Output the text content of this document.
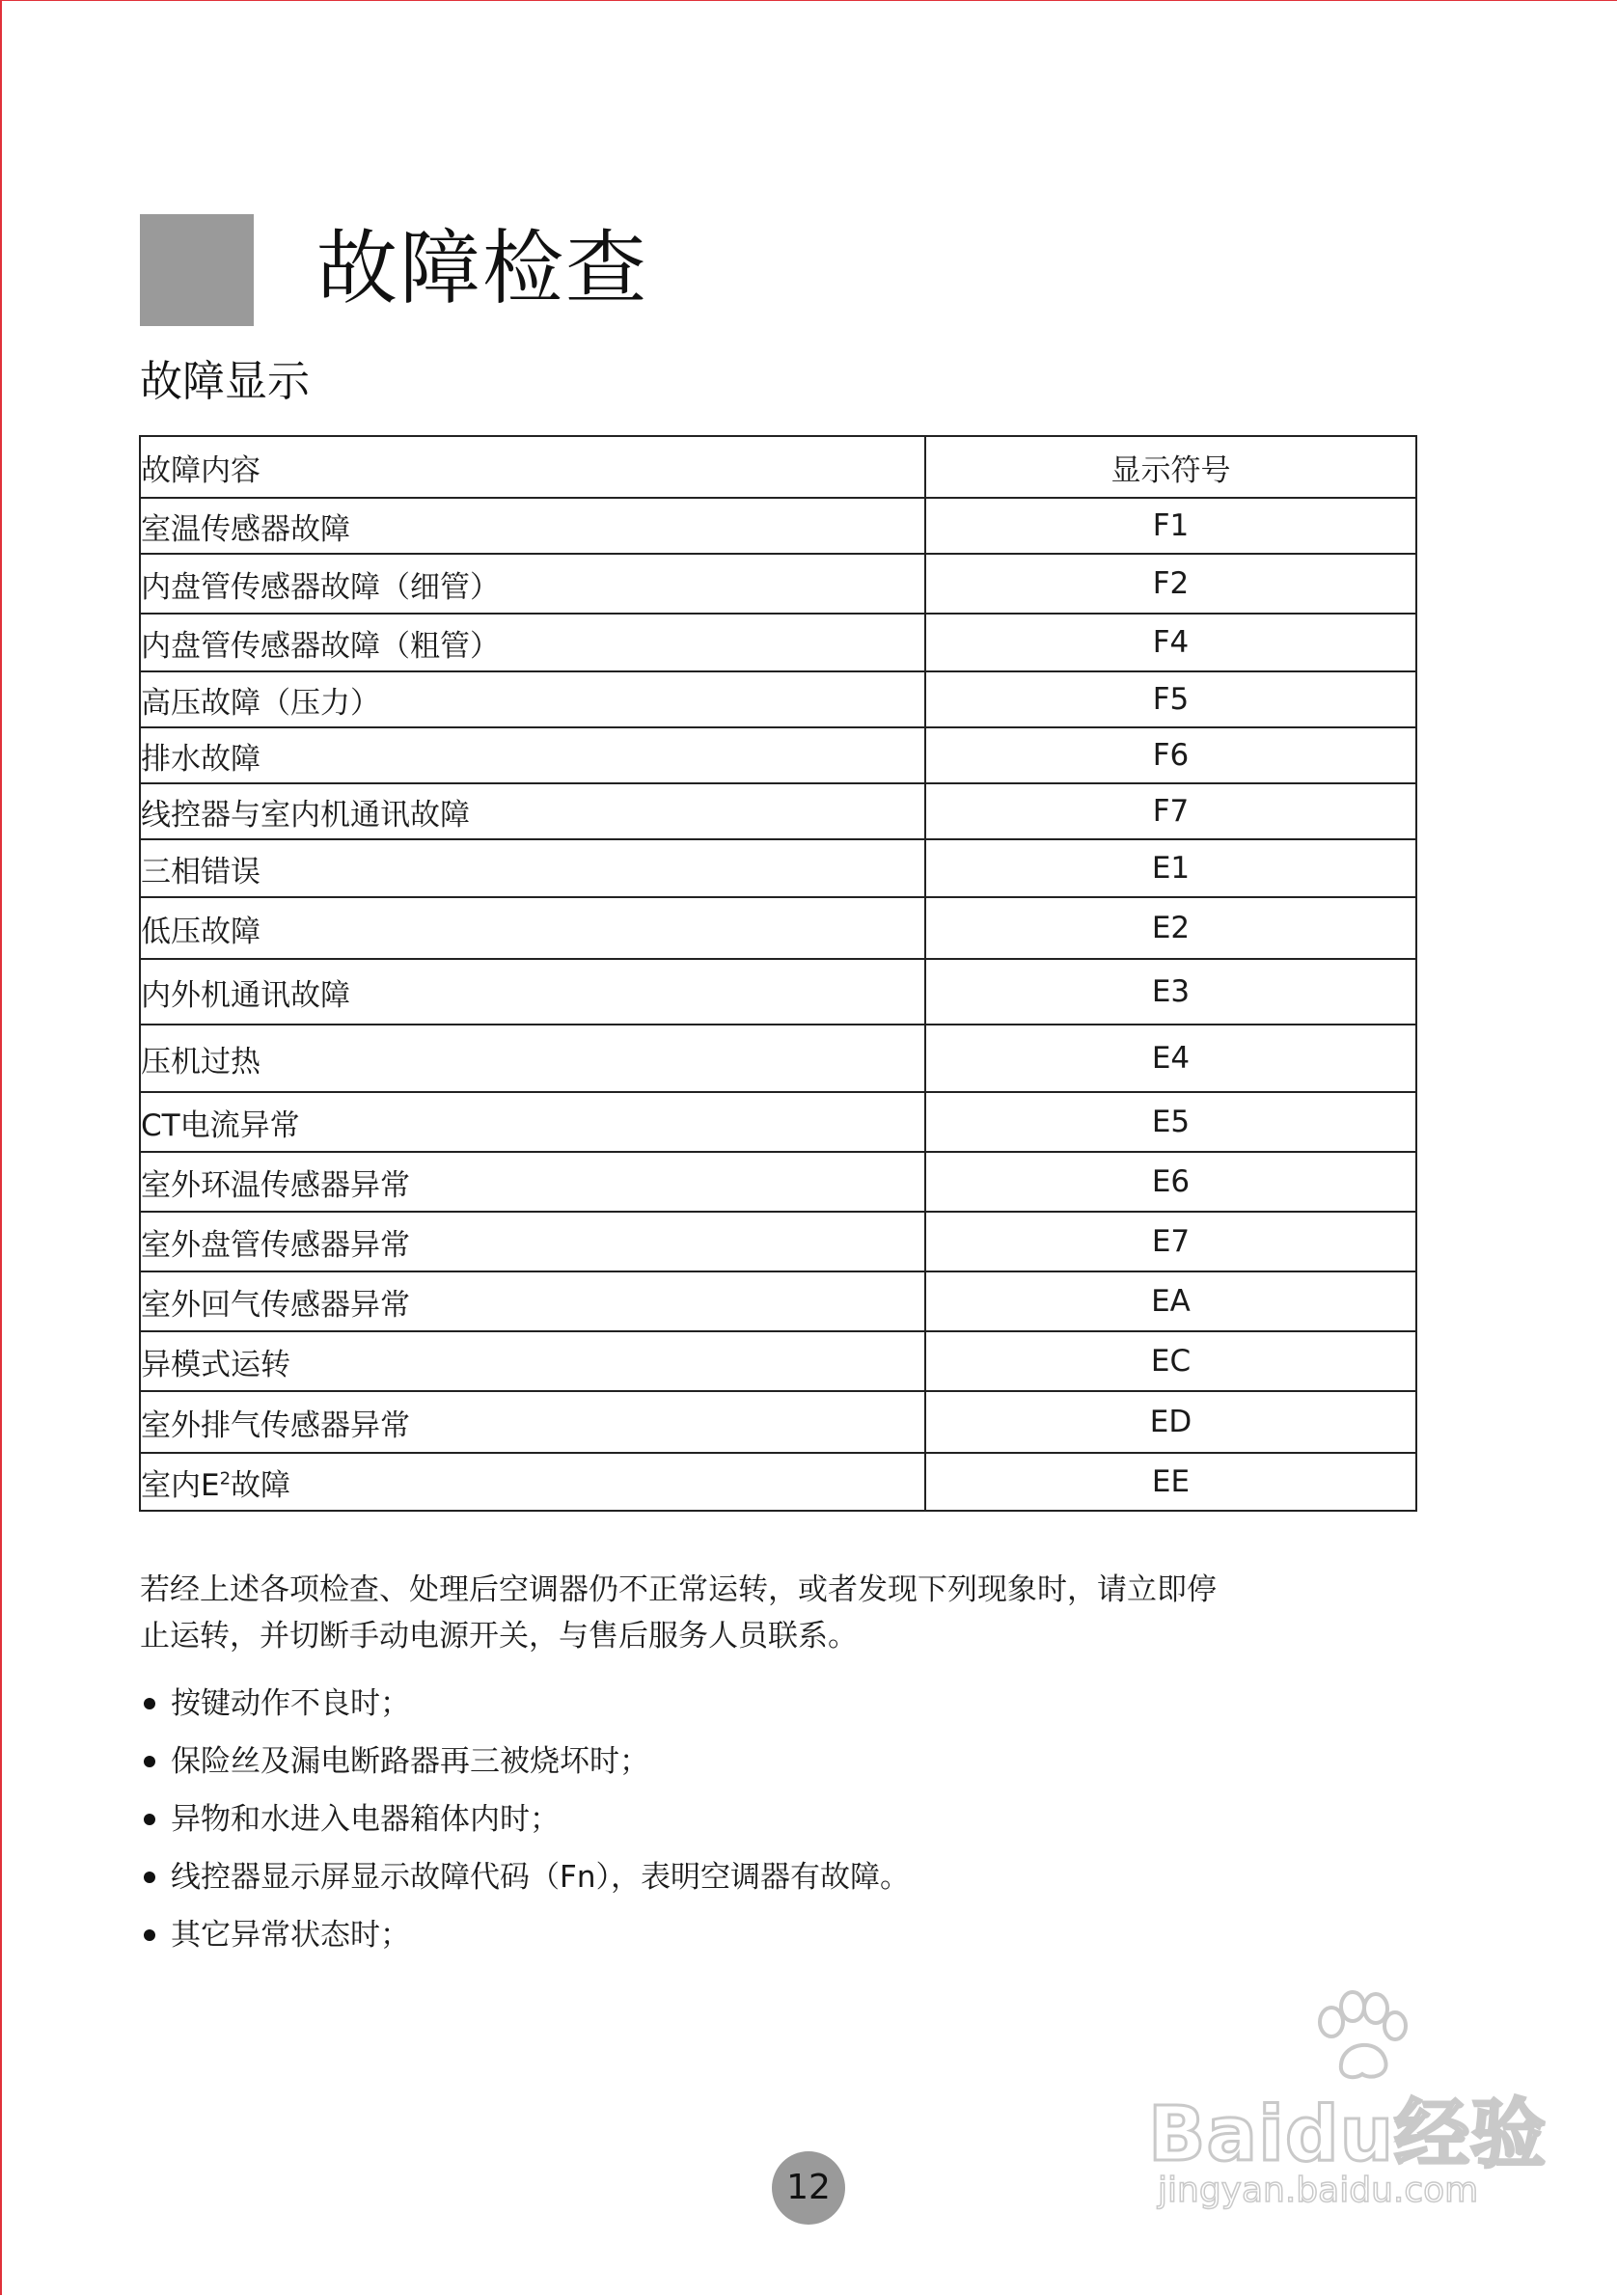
故障检查
故障显示
故障内容	显示符号
室温传感器故障	F1
内盘管传感器故障（细管）	F2
内盘管传感器故障（粗管）	F4
高压故障（压力）	F5
排水故障	F6
线控器与室内机通讯故障	F7
三相错误	E1
低压故障	E2
内外机通讯故障	E3
压机过热	E4
CT电流异常	E5
室外环温传感器异常	E6
室外盘管传感器异常	E7
室外回气传感器异常	EA
异模式运转	EC
室外排气传感器异常	ED
室内$E^2$故障	EE
若经上述各项检查、处理后空调器仍不正常运转，或者发现下列现象时，请立即停
止运转，并切断手动电源开关，与售后服务人员联系。
按键动作不良时；
保险丝及漏电断路器再三被烧坏时；
异物和水进入电器箱体内时；
线控器显示屏显示故障代码（Fn），表明空调器有故障。
其它异常状态时；
12
Baidu经验
jingyan.baidu.com
